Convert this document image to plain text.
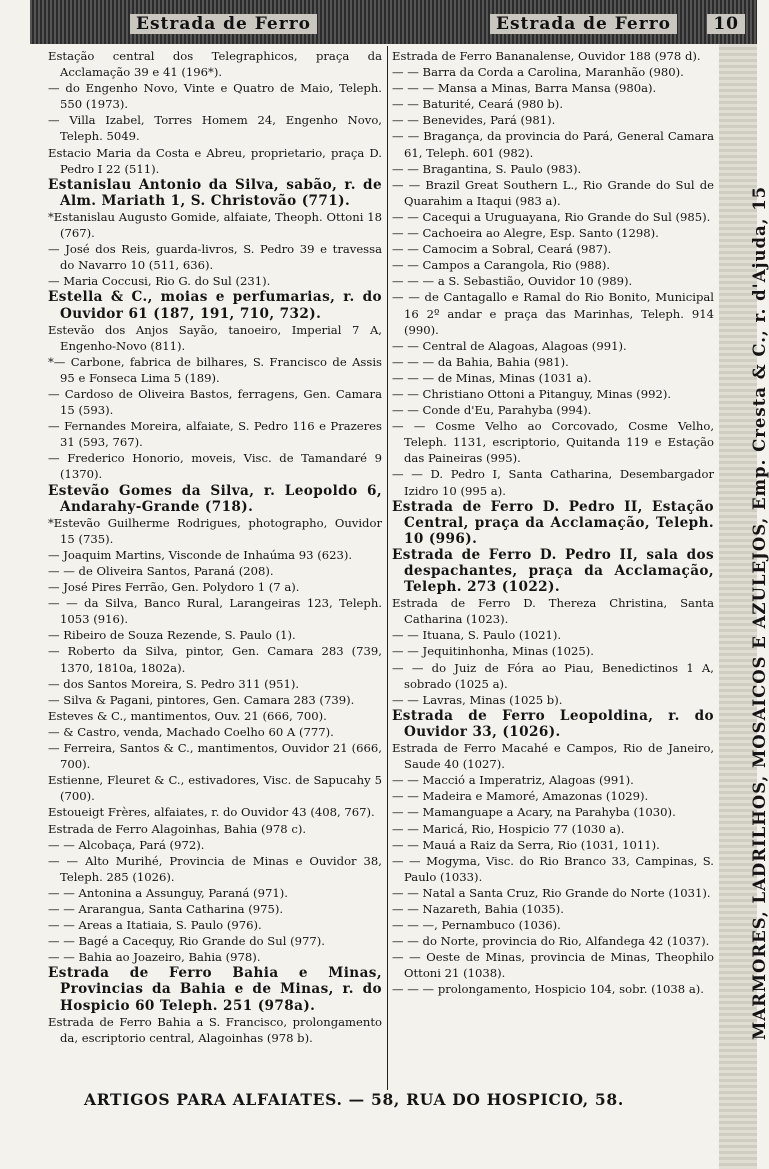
Estrada de Ferro	Estrada de Ferro	10
Estação central dos Telegraphicos, praça da Acclamação 39 e 41 (196*).
— do Engenho Novo, Vinte e Quatro de Maio, Teleph. 550 (1973).
— Villa Izabel, Torres Homem 24, Engenho Novo, Teleph. 5049.
Estacio Maria da Costa e Abreu, proprietario, praça D. Pedro I 22 (511).
Estanislau Antonio da Silva, sabão, r. de Alm. Mariath 1, S. Christovão (771).
*Estanislau Augusto Gomide, alfaiate, Theoph. Ottoni 18 (767).
— José dos Reis, guarda-livros, S. Pedro 39 e travessa do Navarro 10 (511, 636).
— Maria Coccusi, Rio G. do Sul (231).
Estella & C., moias e perfumarias, r. do Ouvidor 61 (187, 191, 710, 732).
Estevão dos Anjos Sayão, tanoeiro, Imperial 7 A, Engenho-Novo (811).
*— Carbone, fabrica de bilhares, S. Francisco de Assis 95 e Fonseca Lima 5 (189).
— Cardoso de Oliveira Bastos, ferragens, Gen. Camara 15 (593).
— Fernandes Moreira, alfaiate, S. Pedro 116 e Prazeres 31 (593, 767).
— Frederico Honorio, moveis, Visc. de Tamandaré 9 (1370).
Estevão Gomes da Silva, r. Leopoldo 6, Andarahy-Grande (718).
*Estevão Guilherme Rodrigues, photographo, Ouvidor 15 (735).
— Joaquim Martins, Visconde de Inhaúma 93 (623).
— — de Oliveira Santos, Paraná (208).
— José Pires Ferrão, Gen. Polydoro 1 (7 a).
— — da Silva, Banco Rural, Larangeiras 123, Teleph. 1053 (916).
— Ribeiro de Souza Rezende, S. Paulo (1).
— Roberto da Silva, pintor, Gen. Camara 283 (739, 1370, 1810a, 1802a).
— dos Santos Moreira, S. Pedro 311 (951).
— Silva & Pagani, pintores, Gen. Camara 283 (739).
Esteves & C., mantimentos, Ouv. 21 (666, 700).
— & Castro, venda, Machado Coelho 60 A (777).
— Ferreira, Santos & C., mantimentos, Ouvidor 21 (666, 700).
Estienne, Fleuret & C., estivadores, Visc. de Sapucahy 5 (700).
Estoueigt Frères, alfaiates, r. do Ouvidor 43 (408, 767).
Estrada de Ferro Alagoinhas, Bahia (978 c).
— — Alcobaça, Pará (972).
— — Alto Murihé, Provincia de Minas e Ouvidor 38, Teleph. 285 (1026).
— — Antonina a Assunguy, Paraná (971).
— — Ararangua, Santa Catharina (975).
— — Areas a Itatiaia, S. Paulo (976).
— — Bagé a Cacequy, Rio Grande do Sul (977).
— — Bahia ao Joazeiro, Bahia (978).
Estrada de Ferro Bahia e Minas, Provincias da Bahia e de Minas, r. do Hospicio 60 Teleph. 251 (978a).
Estrada de Ferro Bahia a S. Francisco, prolongamento da, escriptorio central, Alagoinhas (978 b).
Estrada de Ferro Bananalense, Ouvidor 188 (978 d).
— — Barra da Corda a Carolina, Maranhão (980).
— — — Mansa a Minas, Barra Mansa (980a).
— — Baturité, Ceará (980 b).
— — Benevides, Pará (981).
— — Bragança, da provincia do Pará, General Camara 61, Teleph. 601 (982).
— — Bragantina, S. Paulo (983).
— — Brazil Great Southern L., Rio Grande do Sul de Quarahim a Itaqui (983 a).
— — Cacequi a Uruguayana, Rio Grande do Sul (985).
— — Cachoeira ao Alegre, Esp. Santo (1298).
— — Camocim a Sobral, Ceará (987).
— — Campos a Carangola, Rio (988).
— — — a S. Sebastião, Ouvidor 10 (989).
— — de Cantagallo e Ramal do Rio Bonito, Municipal 16 2º andar e praça das Marinhas, Teleph. 914 (990).
— — Central de Alagoas, Alagoas (991).
— — — da Bahia, Bahia (981).
— — — de Minas, Minas (1031 a).
— — Christiano Ottoni a Pitanguy, Minas (992).
— — Conde d'Eu, Parahyba (994).
— — Cosme Velho ao Corcovado, Cosme Velho, Teleph. 1131, escriptorio, Quitanda 119 e Estação das Paineiras (995).
— — D. Pedro I, Santa Catharina, Desembargador Izidro 10 (995 a).
Estrada de Ferro D. Pedro II, Estação Central, praça da Acclamação, Teleph. 10 (996).
Estrada de Ferro D. Pedro II, sala dos despachantes, praça da Acclamação, Teleph. 273 (1022).
Estrada de Ferro D. Thereza Christina, Santa Catharina (1023).
— — Ituana, S. Paulo (1021).
— — Jequitinhonha, Minas (1025).
— — do Juiz de Fóra ao Piau, Benedictinos 1 A, sobrado (1025 a).
— — Lavras, Minas (1025 b).
Estrada de Ferro Leopoldina, r. do Ouvidor 33, (1026).
Estrada de Ferro Macahé e Campos, Rio de Janeiro, Saude 40 (1027).
— — Macció a Imperatriz, Alagoas (991).
— — Madeira e Mamoré, Amazonas (1029).
— — Mamanguape a Acary, na Parahyba (1030).
— — Maricá, Rio, Hospicio 77 (1030 a).
— — Mauá a Raiz da Serra, Rio (1031, 1011).
— — Mogyma, Visc. do Rio Branco 33, Campinas, S. Paulo (1033).
— — Natal a Santa Cruz, Rio Grande do Norte (1031).
— — Nazareth, Bahia (1035).
— — —, Pernambuco (1036).
— — do Norte, provincia do Rio, Alfandega 42 (1037).
— — Oeste de Minas, provincia de Minas, Theophilo Ottoni 21 (1038).
— — — prolongamento, Hospicio 104, sobr. (1038 a).
ARTIGOS PARA ALFAIATES. — 58, RUA DO HOSPICIO, 58.
MARMORES, LADRILHOS, MOSAICOS E AZULEJOS, Emp. Cresta & C., r. d'Ajuda, 15
